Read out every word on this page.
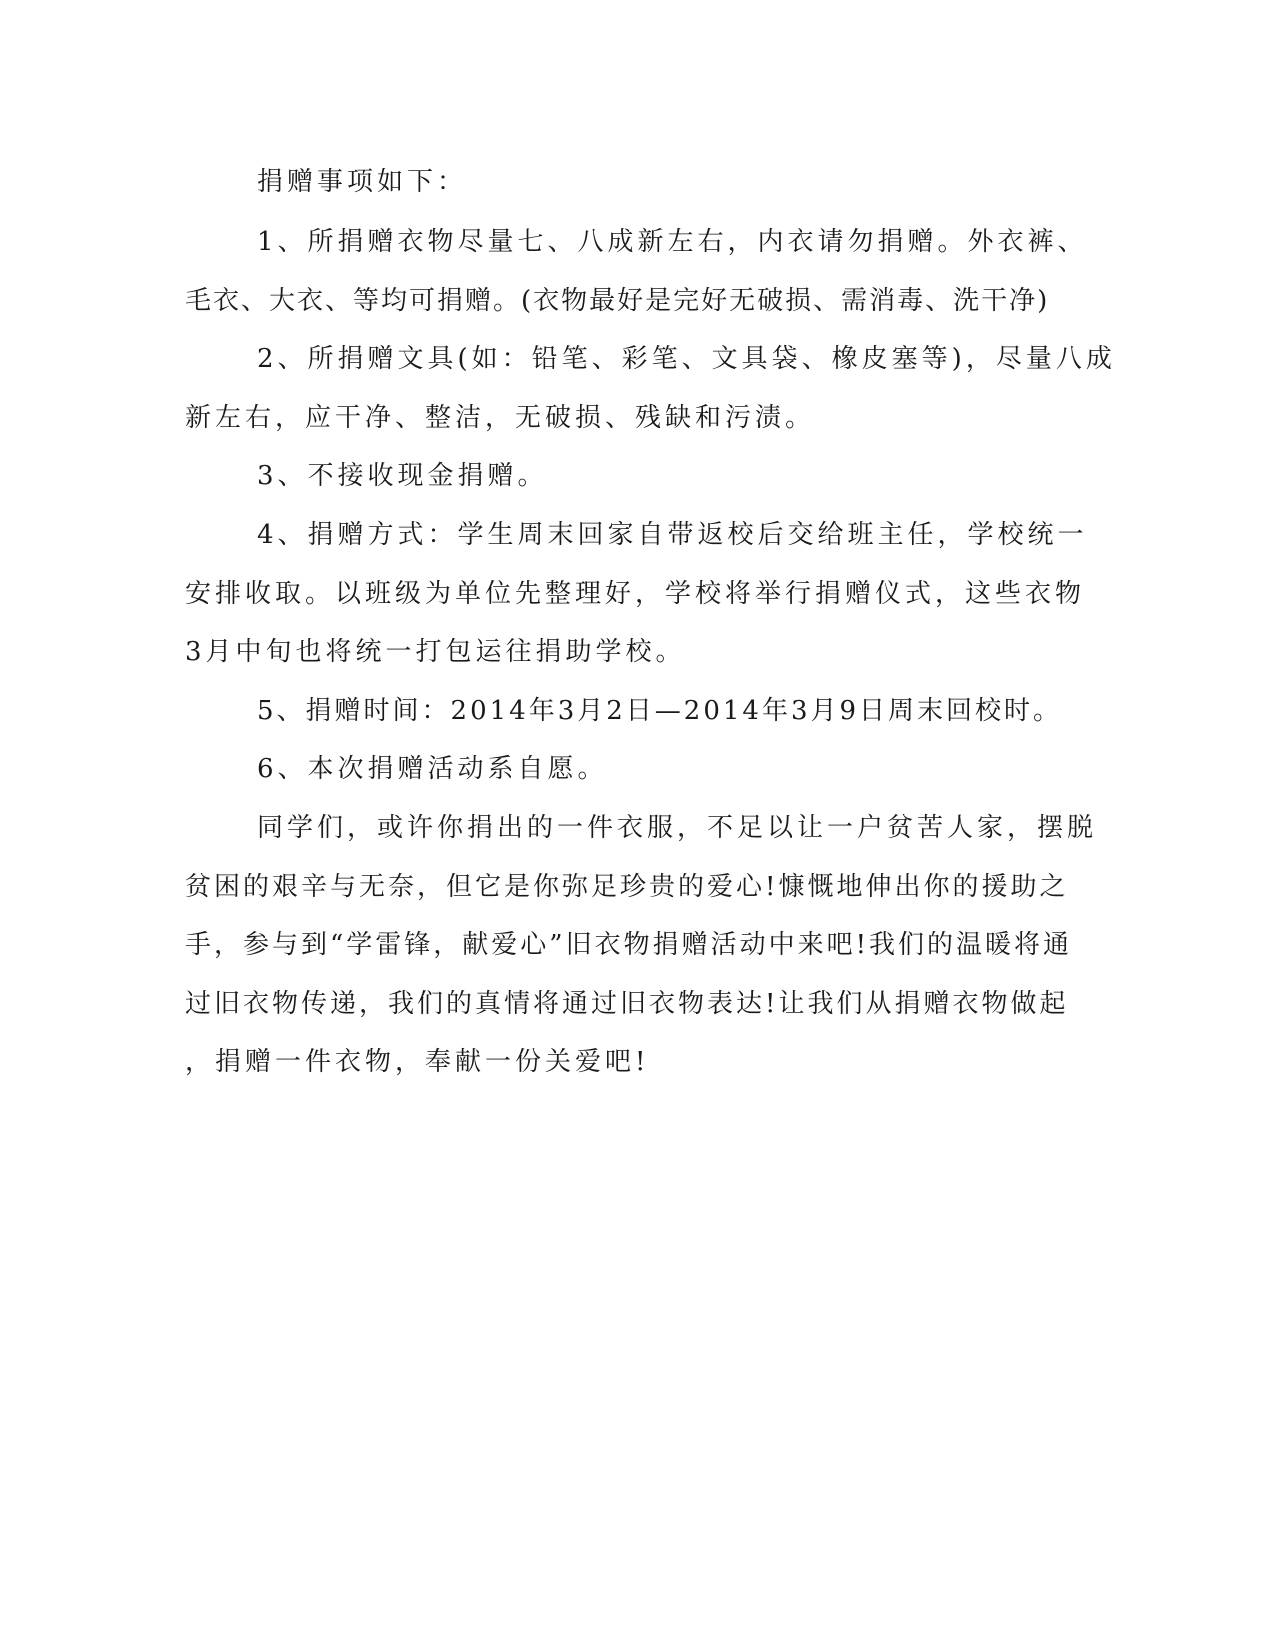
捐赠事项如下：

1、所捐赠衣物尽量七、八成新左右，内衣请勿捐赠。外衣裤、

毛衣、大衣、等均可捐赠。(衣物最好是完好无破损、需消毒、洗干净)

2、所捐赠文具(如：铅笔、彩笔、文具袋、橡皮塞等)，尽量八成

新左右，应干净、整洁，无破损、残缺和污渍。

3、不接收现金捐赠。

4、捐赠方式：学生周末回家自带返校后交给班主任，学校统一

安排收取。以班级为单位先整理好，学校将举行捐赠仪式，这些衣物

3月中旬也将统一打包运往捐助学校。

5、捐赠时间：2014年3月2日—2014年3月9日周末回校时。

6、本次捐赠活动系自愿。

同学们，或许你捐出的一件衣服，不足以让一户贫苦人家，摆脱

贫困的艰辛与无奈，但它是你弥足珍贵的爱心!慷慨地伸出你的援助之

手，参与到“学雷锋，献爱心”旧衣物捐赠活动中来吧!我们的温暖将通

过旧衣物传递，我们的真情将通过旧衣物表达!让我们从捐赠衣物做起

，捐赠一件衣物，奉献一份关爱吧!
